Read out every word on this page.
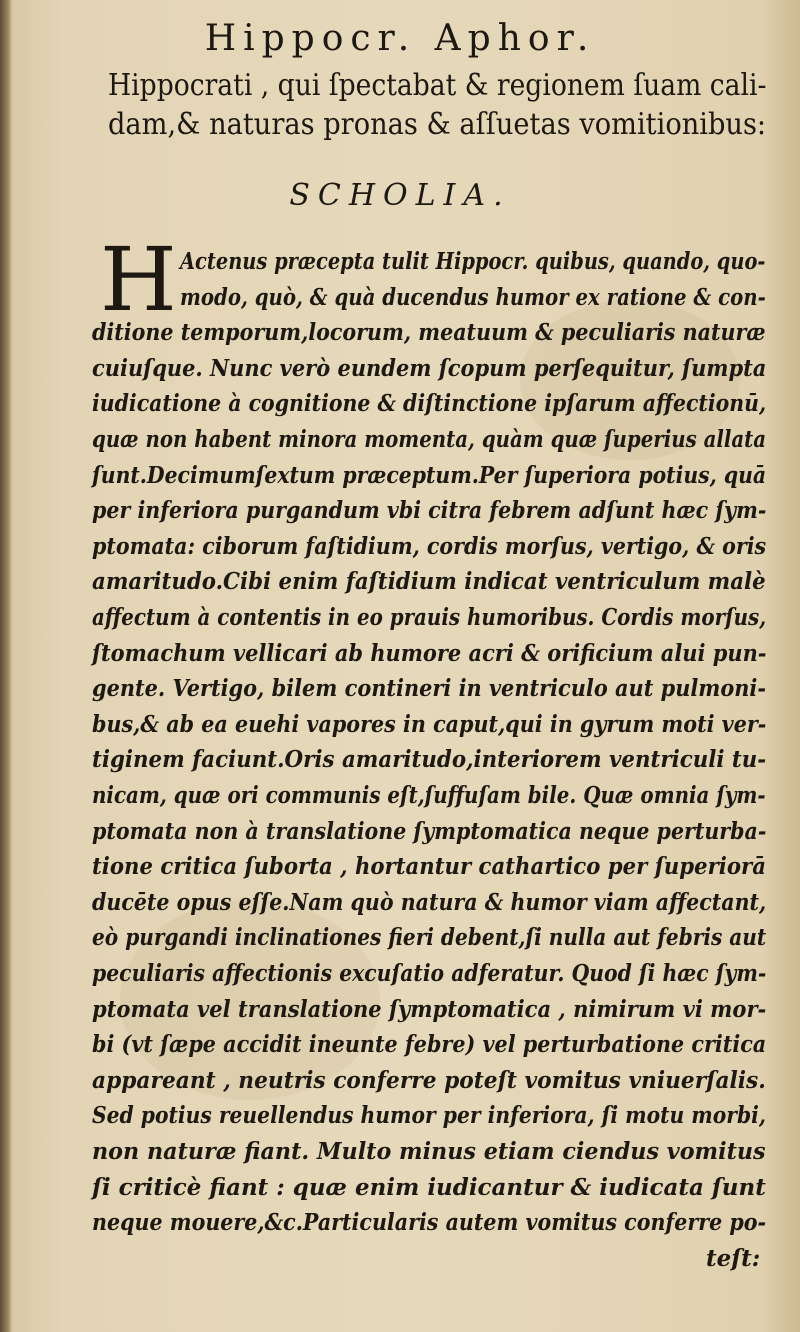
Hippocr. Aphor.
Hippocrati , qui ſpectabat & regionem ſuam cali-
dam,& naturas pronas & aſſuetas vomitionibus:
SCHOLIA.
H Actenus præcepta tulit Hippocr. quibus, quando, quo-
modo, quò, & quà ducendus humor ex ratione & con-
ditione temporum,locorum, meatuum & peculiaris naturæ
cuiuſque. Nunc verò eundem ſcopum perſequitur, ſumpta
iudicatione à cognitione & diſtinctione ipſarum affectionū,
quæ non habent minora momenta, quàm quæ ſuperius allata
ſunt.Decimumſextum præceptum.Per ſuperiora potius, quā
per inferiora purgandum vbi citra febrem adſunt hæc ſym-
ptomata: ciborum faſtidium, cordis morſus, vertigo, & oris
amaritudo.Cibi enim faſtidium indicat ventriculum malè
affectum à contentis in eo prauis humoribus. Cordis morſus,
ſtomachum vellicari ab humore acri & orificium alui pun-
gente. Vertigo, bilem contineri in ventriculo aut pulmoni-
bus,& ab ea euehi vapores in caput,qui in gyrum moti ver-
tiginem faciunt.Oris amaritudo,interiorem ventriculi tu-
nicam, quæ ori communis eſt,ſuffuſam bile. Quæ omnia ſym-
ptomata non à translatione ſymptomatica neque perturba-
tione critica ſuborta , hortantur cathartico per ſuperiorā
ducēte opus eſſe.Nam quò natura & humor viam affectant,
eò purgandi inclinationes fieri debent,ſi nulla aut febris aut
peculiaris affectionis excuſatio adferatur. Quod ſi hæc ſym-
ptomata vel translatione ſymptomatica , nimirum vi mor-
bi (vt ſæpe accidit ineunte febre) vel perturbatione critica
appareant , neutris conferre poteſt vomitus vniuerſalis.
Sed potius reuellendus humor per inferiora, ſi motu morbi,
non naturæ fiant. Multo minus etiam ciendus vomitus
ſi criticè fiant : quæ enim iudicantur & iudicata ſunt
neque mouere,&c.Particularis autem vomitus conferre po-
teſt:
